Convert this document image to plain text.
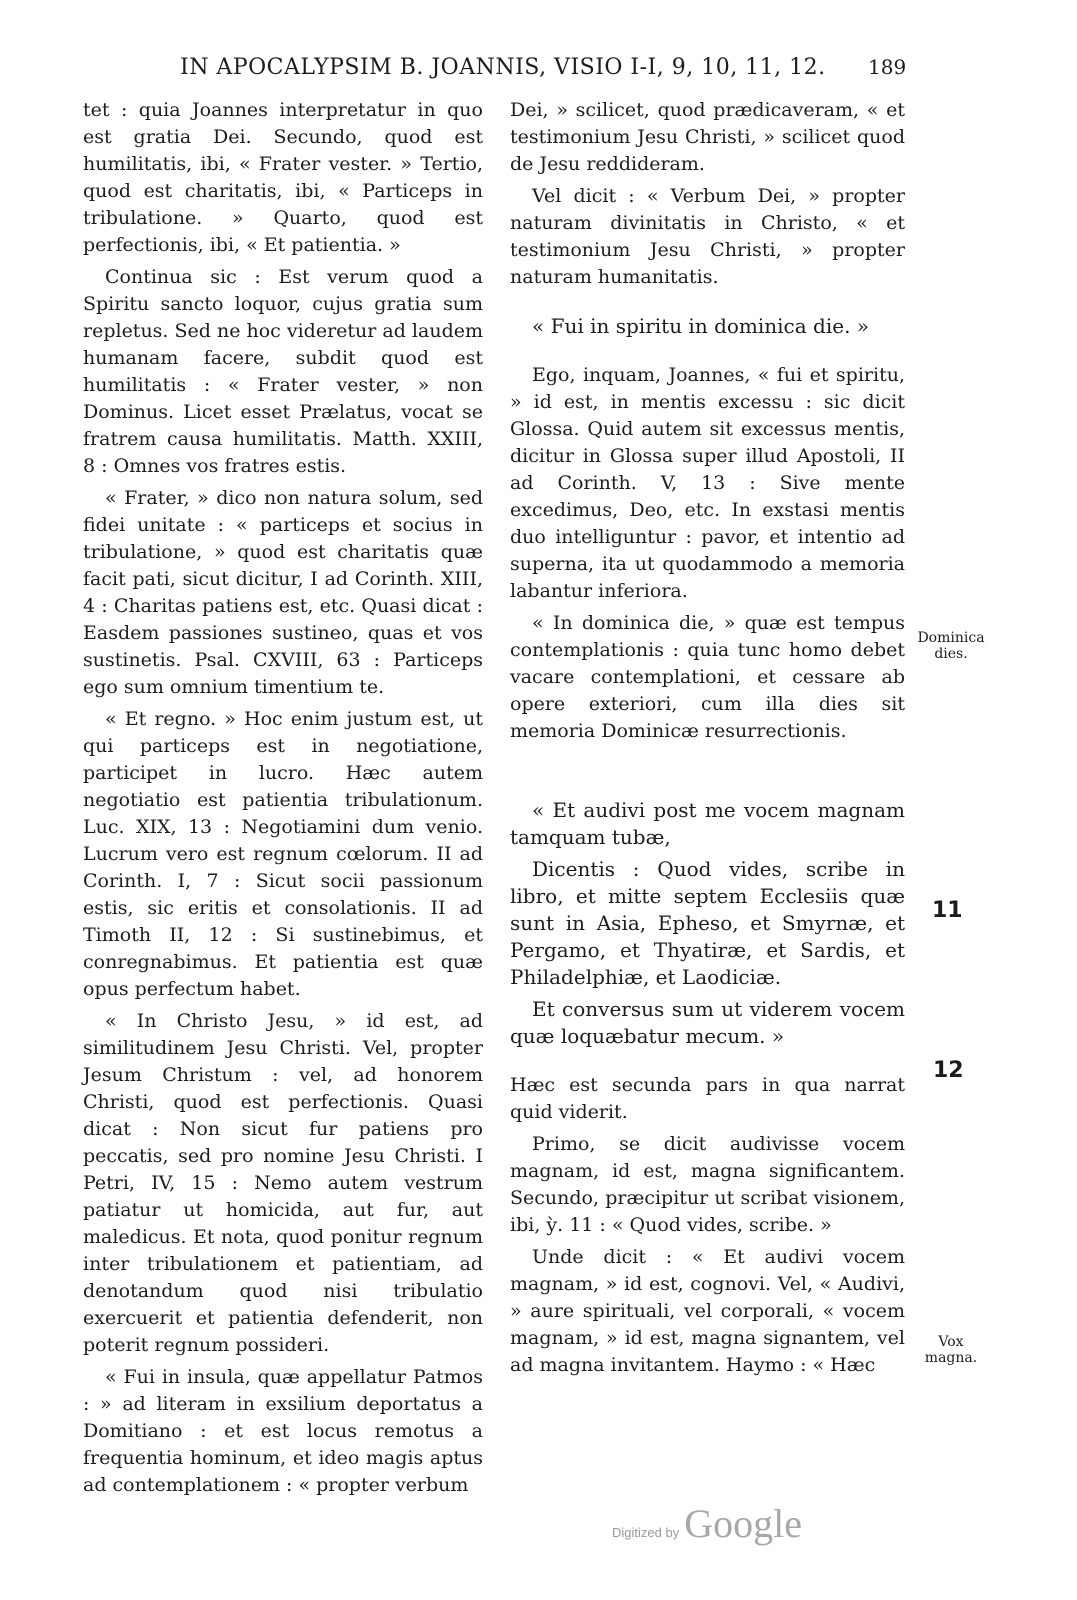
IN APOCALYPSIM B. JOANNIS, VISIO I-I, 9, 10, 11, 12. 189

tet : quia Joannes interpretatur in quo est gratia Dei. Secundo, quod est humilitatis, ibi, « Frater vester. » Tertio, quod est charitatis, ibi, « Particeps in tribulatione. » Quarto, quod est perfectionis, ibi, « Et patientia. »

Continua sic : Est verum quod a Spiritu sancto loquor, cujus gratia sum repletus. Sed ne hoc videretur ad laudem humanam facere, subdit quod est humilitatis : « Frater vester, » non Dominus. Licet esset Prælatus, vocat se fratrem causa humilitatis. Matth. XXIII, 8 : Omnes vos fratres estis.

« Frater, » dico non natura solum, sed fidei unitate : « particeps et socius in tribulatione, » quod est charitatis quæ facit pati, sicut dicitur, I ad Corinth. XIII, 4 : Charitas patiens est, etc. Quasi dicat : Easdem passiones sustineo, quas et vos sustinetis. Psal. CXVIII, 63 : Particeps ego sum omnium timentium te.

« Et regno. » Hoc enim justum est, ut qui particeps est in negotiatione, participet in lucro. Hæc autem negotiatio est patientia tribulationum. Luc. XIX, 13 : Negotiamini dum venio. Lucrum vero est regnum cœlorum. II ad Corinth. I, 7 : Sicut socii passionum estis, sic eritis et consolationis. II ad Timoth II, 12 : Si sustinebimus, et conregnabimus. Et patientia est quæ opus perfectum habet.

« In Christo Jesu, » id est, ad similitudinem Jesu Christi. Vel, propter Jesum Christum : vel, ad honorem Christi, quod est perfectionis. Quasi dicat : Non sicut fur patiens pro peccatis, sed pro nomine Jesu Christi. I Petri, IV, 15 : Nemo autem vestrum patiatur ut homicida, aut fur, aut maledicus. Et nota, quod ponitur regnum inter tribulationem et patientiam, ad denotandum quod nisi tribulatio exercuerit et patientia defenderit, non poterit regnum possideri.

« Fui in insula, quæ appellatur Patmos : » ad literam in exsilium deportatus a Domitiano : et est locus remotus a frequentia hominum, et ideo magis aptus ad contemplationem : « propter verbum

Dei, » scilicet, quod prædicaveram, « et testimonium Jesu Christi, » scilicet quod de Jesu reddideram.

Vel dicit : « Verbum Dei, » propter naturam divinitatis in Christo, « et testimonium Jesu Christi, » propter naturam humanitatis.

« Fui in spiritu in dominica die. »

Ego, inquam, Joannes, « fui et spiritu, » id est, in mentis excessu : sic dicit Glossa. Quid autem sit excessus mentis, dicitur in Glossa super illud Apostoli, II ad Corinth. V, 13 : Sive mente excedimus, Deo, etc. In exstasi mentis duo intelliguntur : pavor, et intentio ad superna, ita ut quodammodo a memoria labantur inferiora.

« In dominica die, » quæ est tempus contemplationis : quia tunc homo debet vacare contemplationi, et cessare ab opere exteriori, cum illa dies sit memoria Dominicæ resurrectionis.

« Et audivi post me vocem magnam tamquam tubæ,

Dicentis : Quod vides, scribe in libro, et mitte septem Ecclesiis quæ sunt in Asia, Epheso, et Smyrnæ, et Pergamo, et Thyatiræ, et Sardis, et Philadelphiæ, et Laodiciæ.

Et conversus sum ut viderem vocem quæ loquæbatur mecum. »

Hæc est secunda pars in qua narrat quid viderit.

Primo, se dicit audivisse vocem magnam, id est, magna significantem. Secundo, præcipitur ut scribat visionem, ibi, ỳ. 11 : « Quod vides, scribe. »

Unde dicit : « Et audivi vocem magnam, » id est, cognovi. Vel, « Audivi, » aure spirituali, vel corporali, « vocem magnam, » id est, magna signantem, vel ad magna invitantem. Haymo : « Hæc

Dominica dies.
Vox magna.
11
12
Digitized by Google
